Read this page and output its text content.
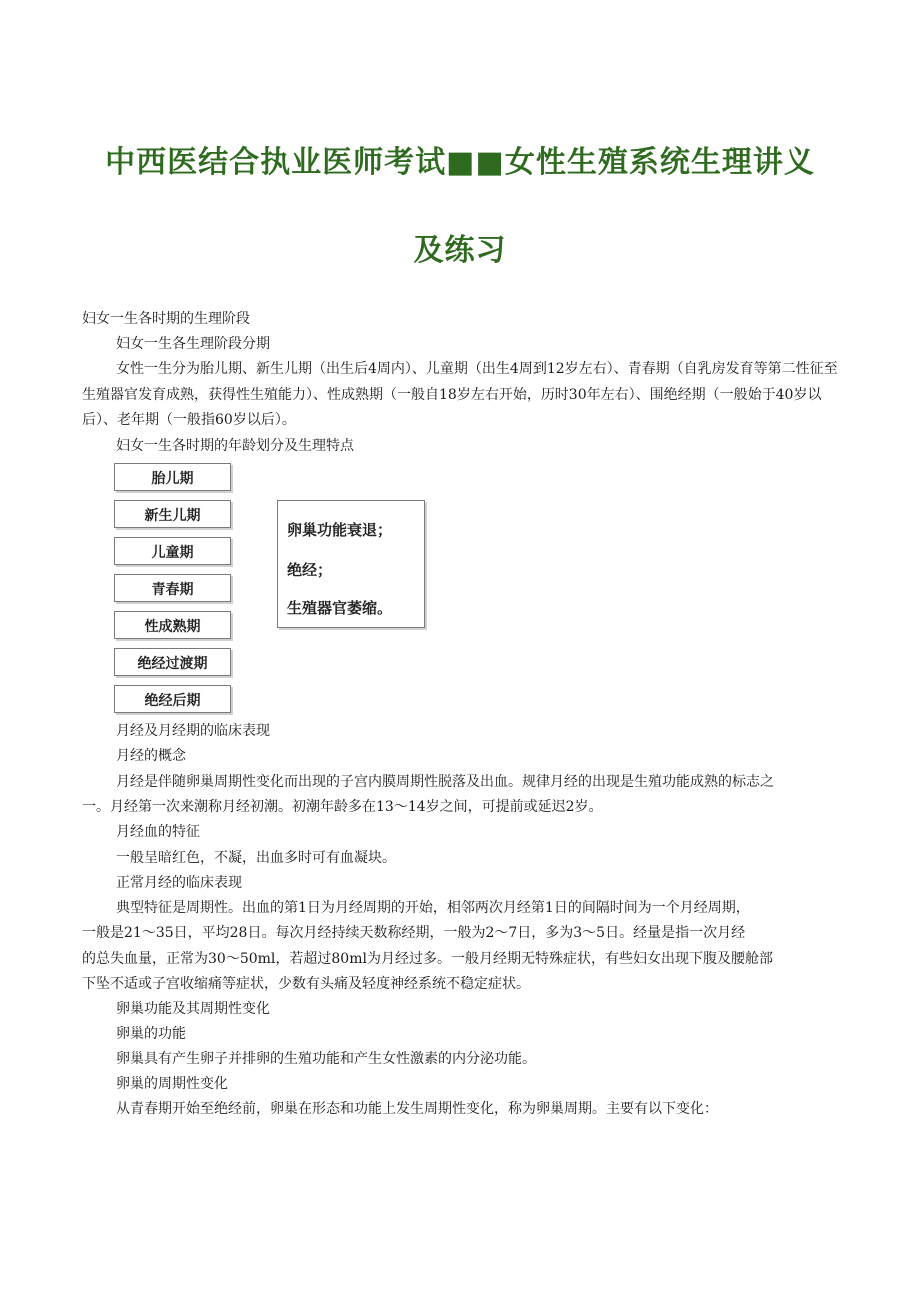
中西医结合执业医师考试■■女性生殖系统生理讲义
及练习

妇女一生各时期的生理阶段

妇女一生各生理阶段分期

女性一生分为胎儿期、新生儿期（出生后4周内）、儿童期（出生4周到12岁左右）、青春期（自乳房发育等第二性征至生殖器官发育成熟，获得性生殖能力）、性成熟期（一般自18岁左右开始，历时30年左右）、围绝经期（一般始于40岁以后）、老年期（一般指60岁以后）。

妇女一生各时期的年龄划分及生理特点

胎儿期
新生儿期
儿童期
青春期
性成熟期
绝经过渡期
绝经后期
卵巢功能衰退；
绝经；
生殖器官萎缩。

月经及月经期的临床表现

月经的概念

月经是伴随卵巢周期性变化而出现的子宫内膜周期性脱落及出血。规律月经的出现是生殖功能成熟的标志之

一。月经第一次来潮称月经初潮。初潮年龄多在13～14岁之间，可提前或延迟2岁。

月经血的特征

一般呈暗红色，不凝，出血多时可有血凝块。

正常月经的临床表现

典型特征是周期性。出血的第1日为月经周期的开始，相邻两次月经第1日的间隔时间为一个月经周期，

一般是21～35日，平均28日。每次月经持续天数称经期，一般为2～7日，多为3～5日。经量是指一次月经

的总失血量，正常为30～50ml，若超过80ml为月经过多。一般月经期无特殊症状，有些妇女出现下腹及腰舱部

下坠不适或子宫收缩痛等症状，少数有头痛及轻度神经系统不稳定症状。

卵巢功能及其周期性变化

卵巢的功能

卵巢具有产生卵子并排卵的生殖功能和产生女性激素的内分泌功能。

卵巢的周期性变化

从青春期开始至绝经前，卵巢在形态和功能上发生周期性变化，称为卵巢周期。主要有以下变化：
